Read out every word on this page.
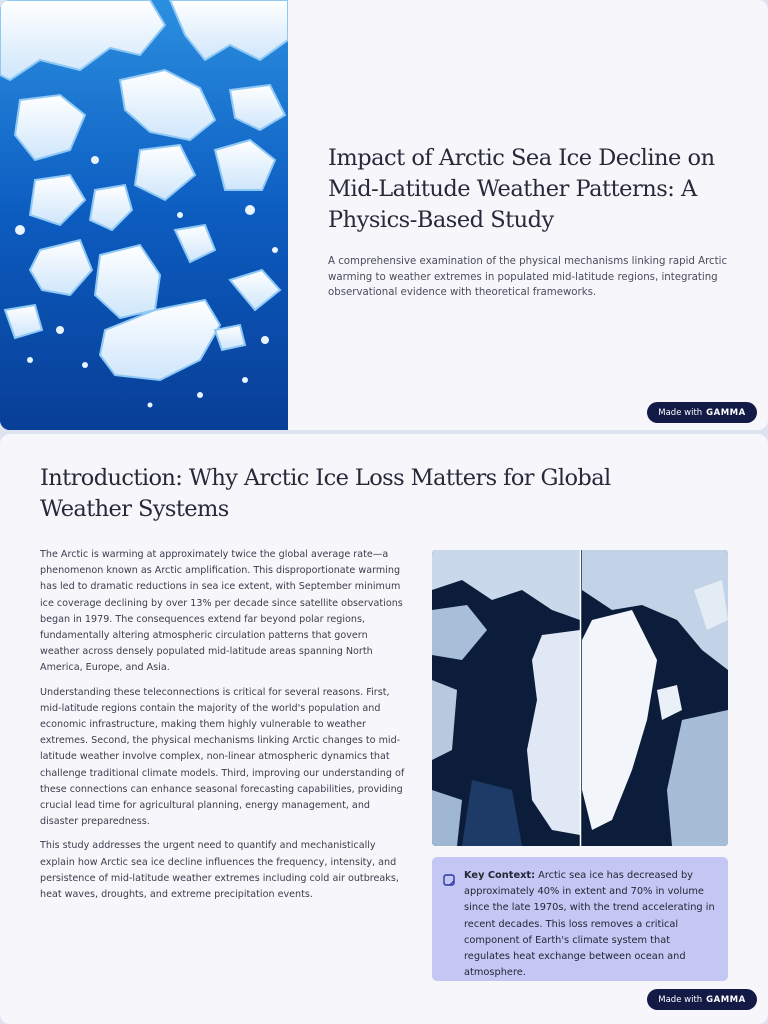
Impact of Arctic Sea Ice Decline on Mid-Latitude Weather Patterns: A Physics-Based Study

A comprehensive examination of the physical mechanisms linking rapid Arctic warming to weather extremes in populated mid-latitude regions, integrating observational evidence with theoretical frameworks.

Made with GAMMA
Introduction: Why Arctic Ice Loss Matters for Global Weather Systems

The Arctic is warming at approximately twice the global average rate—a phenomenon known as Arctic amplification. This disproportionate warming has led to dramatic reductions in sea ice extent, with September minimum ice coverage declining by over 13% per decade since satellite observations began in 1979. The consequences extend far beyond polar regions, fundamentally altering atmospheric circulation patterns that govern weather across densely populated mid-latitude areas spanning North America, Europe, and Asia.

Understanding these teleconnections is critical for several reasons. First, mid-latitude regions contain the majority of the world's population and economic infrastructure, making them highly vulnerable to weather extremes. Second, the physical mechanisms linking Arctic changes to mid-latitude weather involve complex, non-linear atmospheric dynamics that challenge traditional climate models. Third, improving our understanding of these connections can enhance seasonal forecasting capabilities, providing crucial lead time for agricultural planning, energy management, and disaster preparedness.

This study addresses the urgent need to quantify and mechanistically explain how Arctic sea ice decline influences the frequency, intensity, and persistence of mid-latitude weather extremes including cold air outbreaks, heat waves, droughts, and extreme precipitation events.

Key Context: Arctic sea ice has decreased by approximately 40% in extent and 70% in volume since the late 1970s, with the trend accelerating in recent decades. This loss removes a critical component of Earth's climate system that regulates heat exchange between ocean and atmosphere.

Made with GAMMA
